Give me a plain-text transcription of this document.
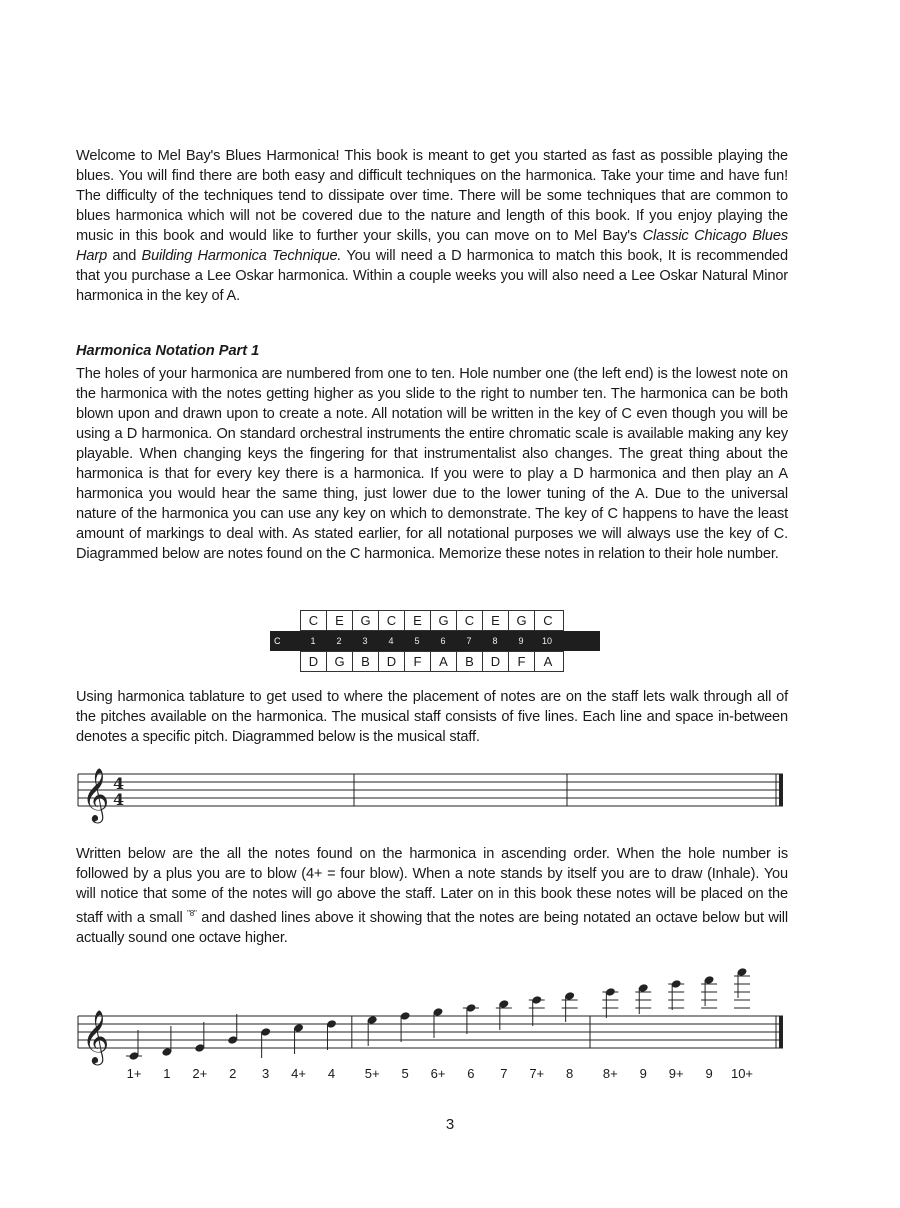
Welcome to Mel Bay's Blues Harmonica! This book is meant to get you started as fast as possible playing the blues. You will find there are both easy and difficult techniques on the harmonica. Take your time and have fun! The difficulty of the techniques tend to dissipate over time. There will be some techniques that are common to blues harmonica which will not be covered due to the nature and length of this book. If you enjoy playing the music in this book and would like to further your skills, you can move on to Mel Bay's Classic Chicago Blues Harp and Building Harmonica Technique. You will need a D harmonica to match this book, It is recommended that you purchase a Lee Oskar harmonica. Within a couple weeks you will also need a Lee Oskar Natural Minor harmonica in the key of A.

Harmonica Notation Part 1

The holes of your harmonica are numbered from one to ten. Hole number one (the left end) is the lowest note on the harmonica with the notes getting higher as you slide to the right to number ten. The harmonica can be both blown upon and drawn upon to create a note. All notation will be written in the key of C even though you will be using a D harmonica. On standard orchestral instruments the entire chromatic scale is available making any key playable. When changing keys the fingering for that instrumentalist also changes. The great thing about the harmonica is that for every key there is a harmonica. If you were to play a D harmonica and then play an A harmonica you would hear the same thing, just lower due to the lower tuning of the A. Due to the universal nature of the harmonica you can use any key on which to demonstrate. The key of C happens to have the least amount of markings to deal with. As stated earlier, for all notational purposes we will always use the key of C. Diagrammed below are notes found on the C harmonica. Memorize these notes in relation to their hole number.

C	E	G	C	E	G	C	E	G	C
C	1	2	3	4	5	6	7	8	9	10
D	G	B	D	F	A	B	D	F	A

Using harmonica tablature to get used to where the placement of notes are on the staff lets walk through all of the pitches available on the harmonica. The musical staff consists of five lines. Each line and space in-between denotes a specific pitch. Diagrammed below is the musical staff.

Written below are the all the notes found on the harmonica in ascending order. When the hole number is followed by a plus you are to blow (4+ = four blow). When a note stands by itself you are to draw (Inhale). You will notice that some of the notes will go above the staff. Later on in this book these notes will be placed on the staff with a small $^{"8"}$ and dashed lines above it showing that the notes are being notated an octave below but will actually sound one octave higher.

𝄞 4
4
𝄞
1+ 1 2+ 2 3 4+ 4 5+ 5 6+ 6 7 7+ 8 8+ 9 9+ 9 10+
3
